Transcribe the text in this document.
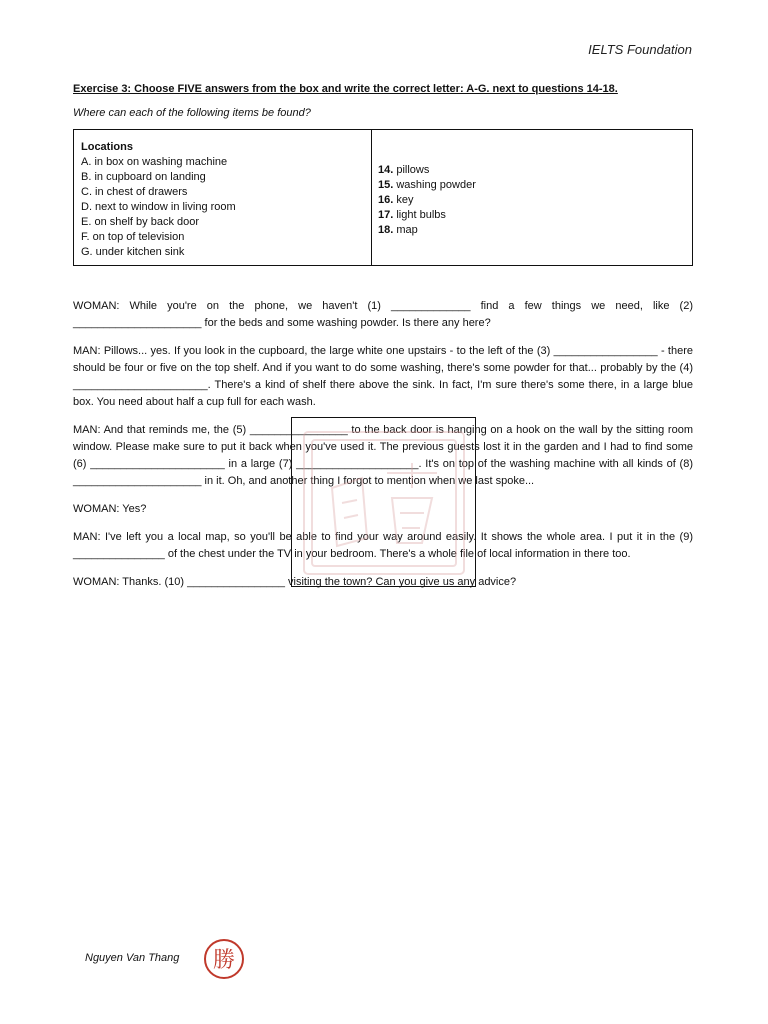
IELTS Foundation
Exercise 3: Choose FIVE answers from the box and write the correct letter: A-G. next to questions 14-18.
Where can each of the following items be found?
Locations
A. in box on washing machine
B. in cupboard on landing
C. in chest of drawers
D. next to window in living room
E. on shelf by back door
F. on top of television
G. under kitchen sink
14. pillows
15. washing powder
16. key
17. light bulbs
18. map

WOMAN: While you're on the phone, we haven't (1) _____________ find a few things we need, like (2) _____________________ for the beds and some washing powder. Is there any here?

MAN: Pillows... yes. If you look in the cupboard, the large white one upstairs - to the left of the (3) _________________ - there should be four or five on the top shelf. And if you want to do some washing, there's some powder for that... probably by the (4) ______________________. There's a kind of shelf there above the sink. In fact, I'm sure there's some there, in a large blue box. You need about half a cup full for each wash.

MAN: And that reminds me, the (5) ________________ to the back door is hanging on a hook on the wall by the sitting room window. Please make sure to put it back when you've used it. The previous guests lost it in the garden and I had to find some (6) ______________________ in a large (7) ____________________. It's on top of the washing machine with all kinds of (8) _____________________ in it. Oh, and another thing I forgot to mention when we last spoke...

WOMAN: Yes?

MAN: I've left you a local map, so you'll be able to find your way around easily. It shows the whole area. I put it in the (9) _______________ of the chest under the TV in your bedroom. There's a whole file of local information in there too.

WOMAN: Thanks. (10) ________________ visiting the town? Can you give us any advice?

Nguyen Van Thang 勝
